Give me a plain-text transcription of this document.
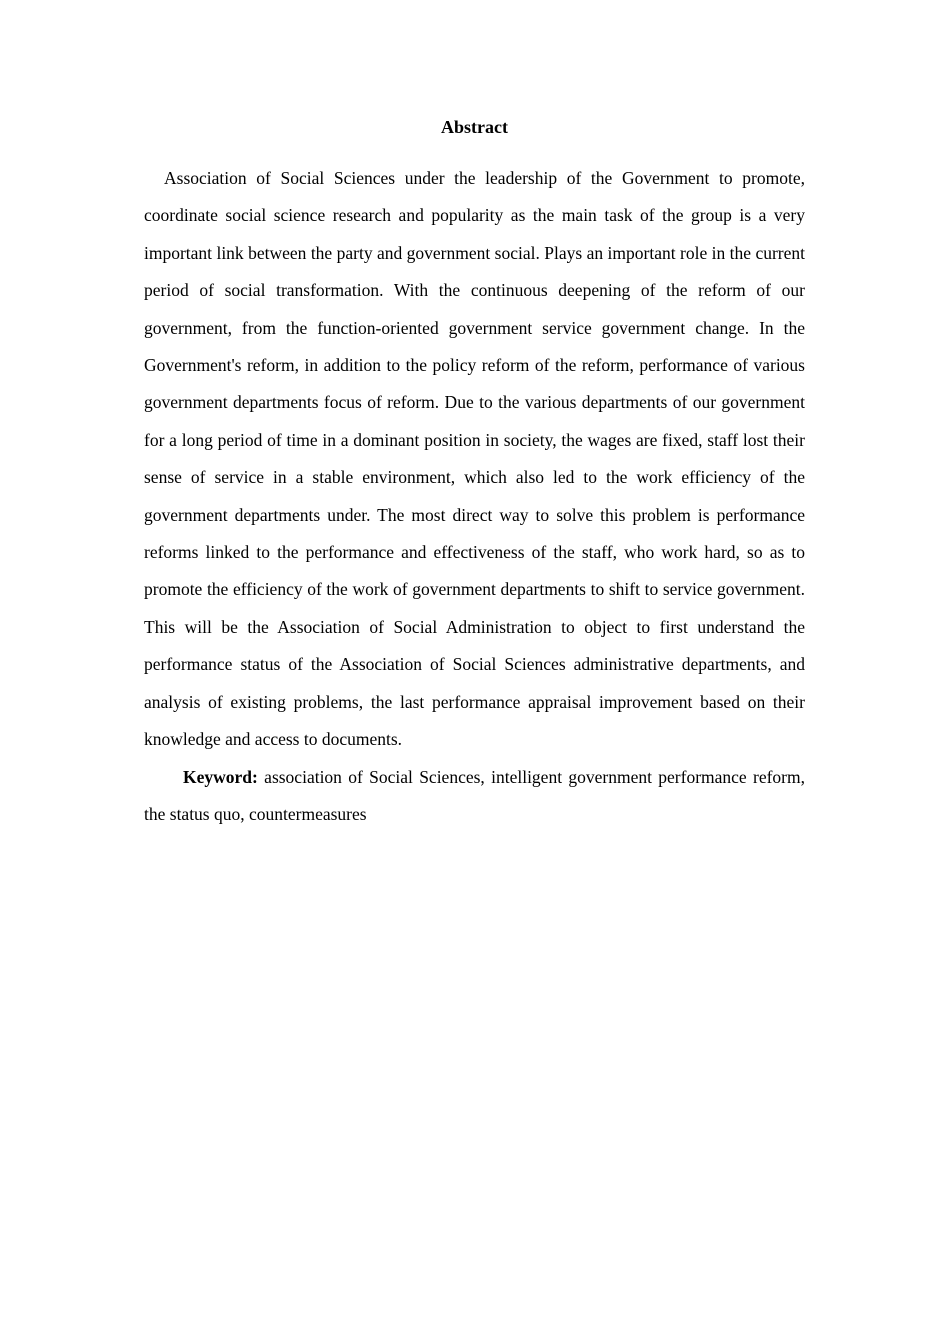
Abstract

Association of Social Sciences under the leadership of the Government to promote, coordinate social science research and popularity as the main task of the group is a very important link between the party and government social. Plays an important role in the current period of social transformation. With the continuous deepening of the reform of our government, from the function-oriented government service government change. In the Government's reform, in addition to the policy reform of the reform, performance of various government departments focus of reform. Due to the various departments of our government for a long period of time in a dominant position in society, the wages are fixed, staff lost their sense of service in a stable environment, which also led to the work efficiency of the government departments under. The most direct way to solve this problem is performance reforms linked to the performance and effectiveness of the staff, who work hard, so as to promote the efficiency of the work of government departments to shift to service government. This will be the Association of Social Administration to object to first understand the performance status of the Association of Social Sciences administrative departments, and analysis of existing problems, the last performance appraisal improvement based on their knowledge and access to documents.

Keyword: association of Social Sciences, intelligent government performance reform, the status quo, countermeasures
